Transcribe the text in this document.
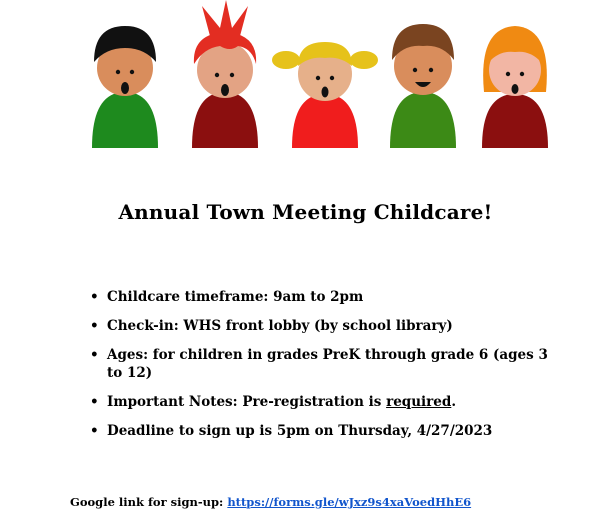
Annual Town Meeting Childcare!
• Childcare timeframe: 9am to 2pm
• Check-in: WHS front lobby (by school library)
• Ages: for children in grades PreK through grade 6 (ages 3 to 12)
• Important Notes: Pre-registration is required.
• Deadline to sign up is 5pm on Thursday, 4/27/2023
Google link for sign-up: https://forms.gle/wJxz9s4xaVoedHhE6
